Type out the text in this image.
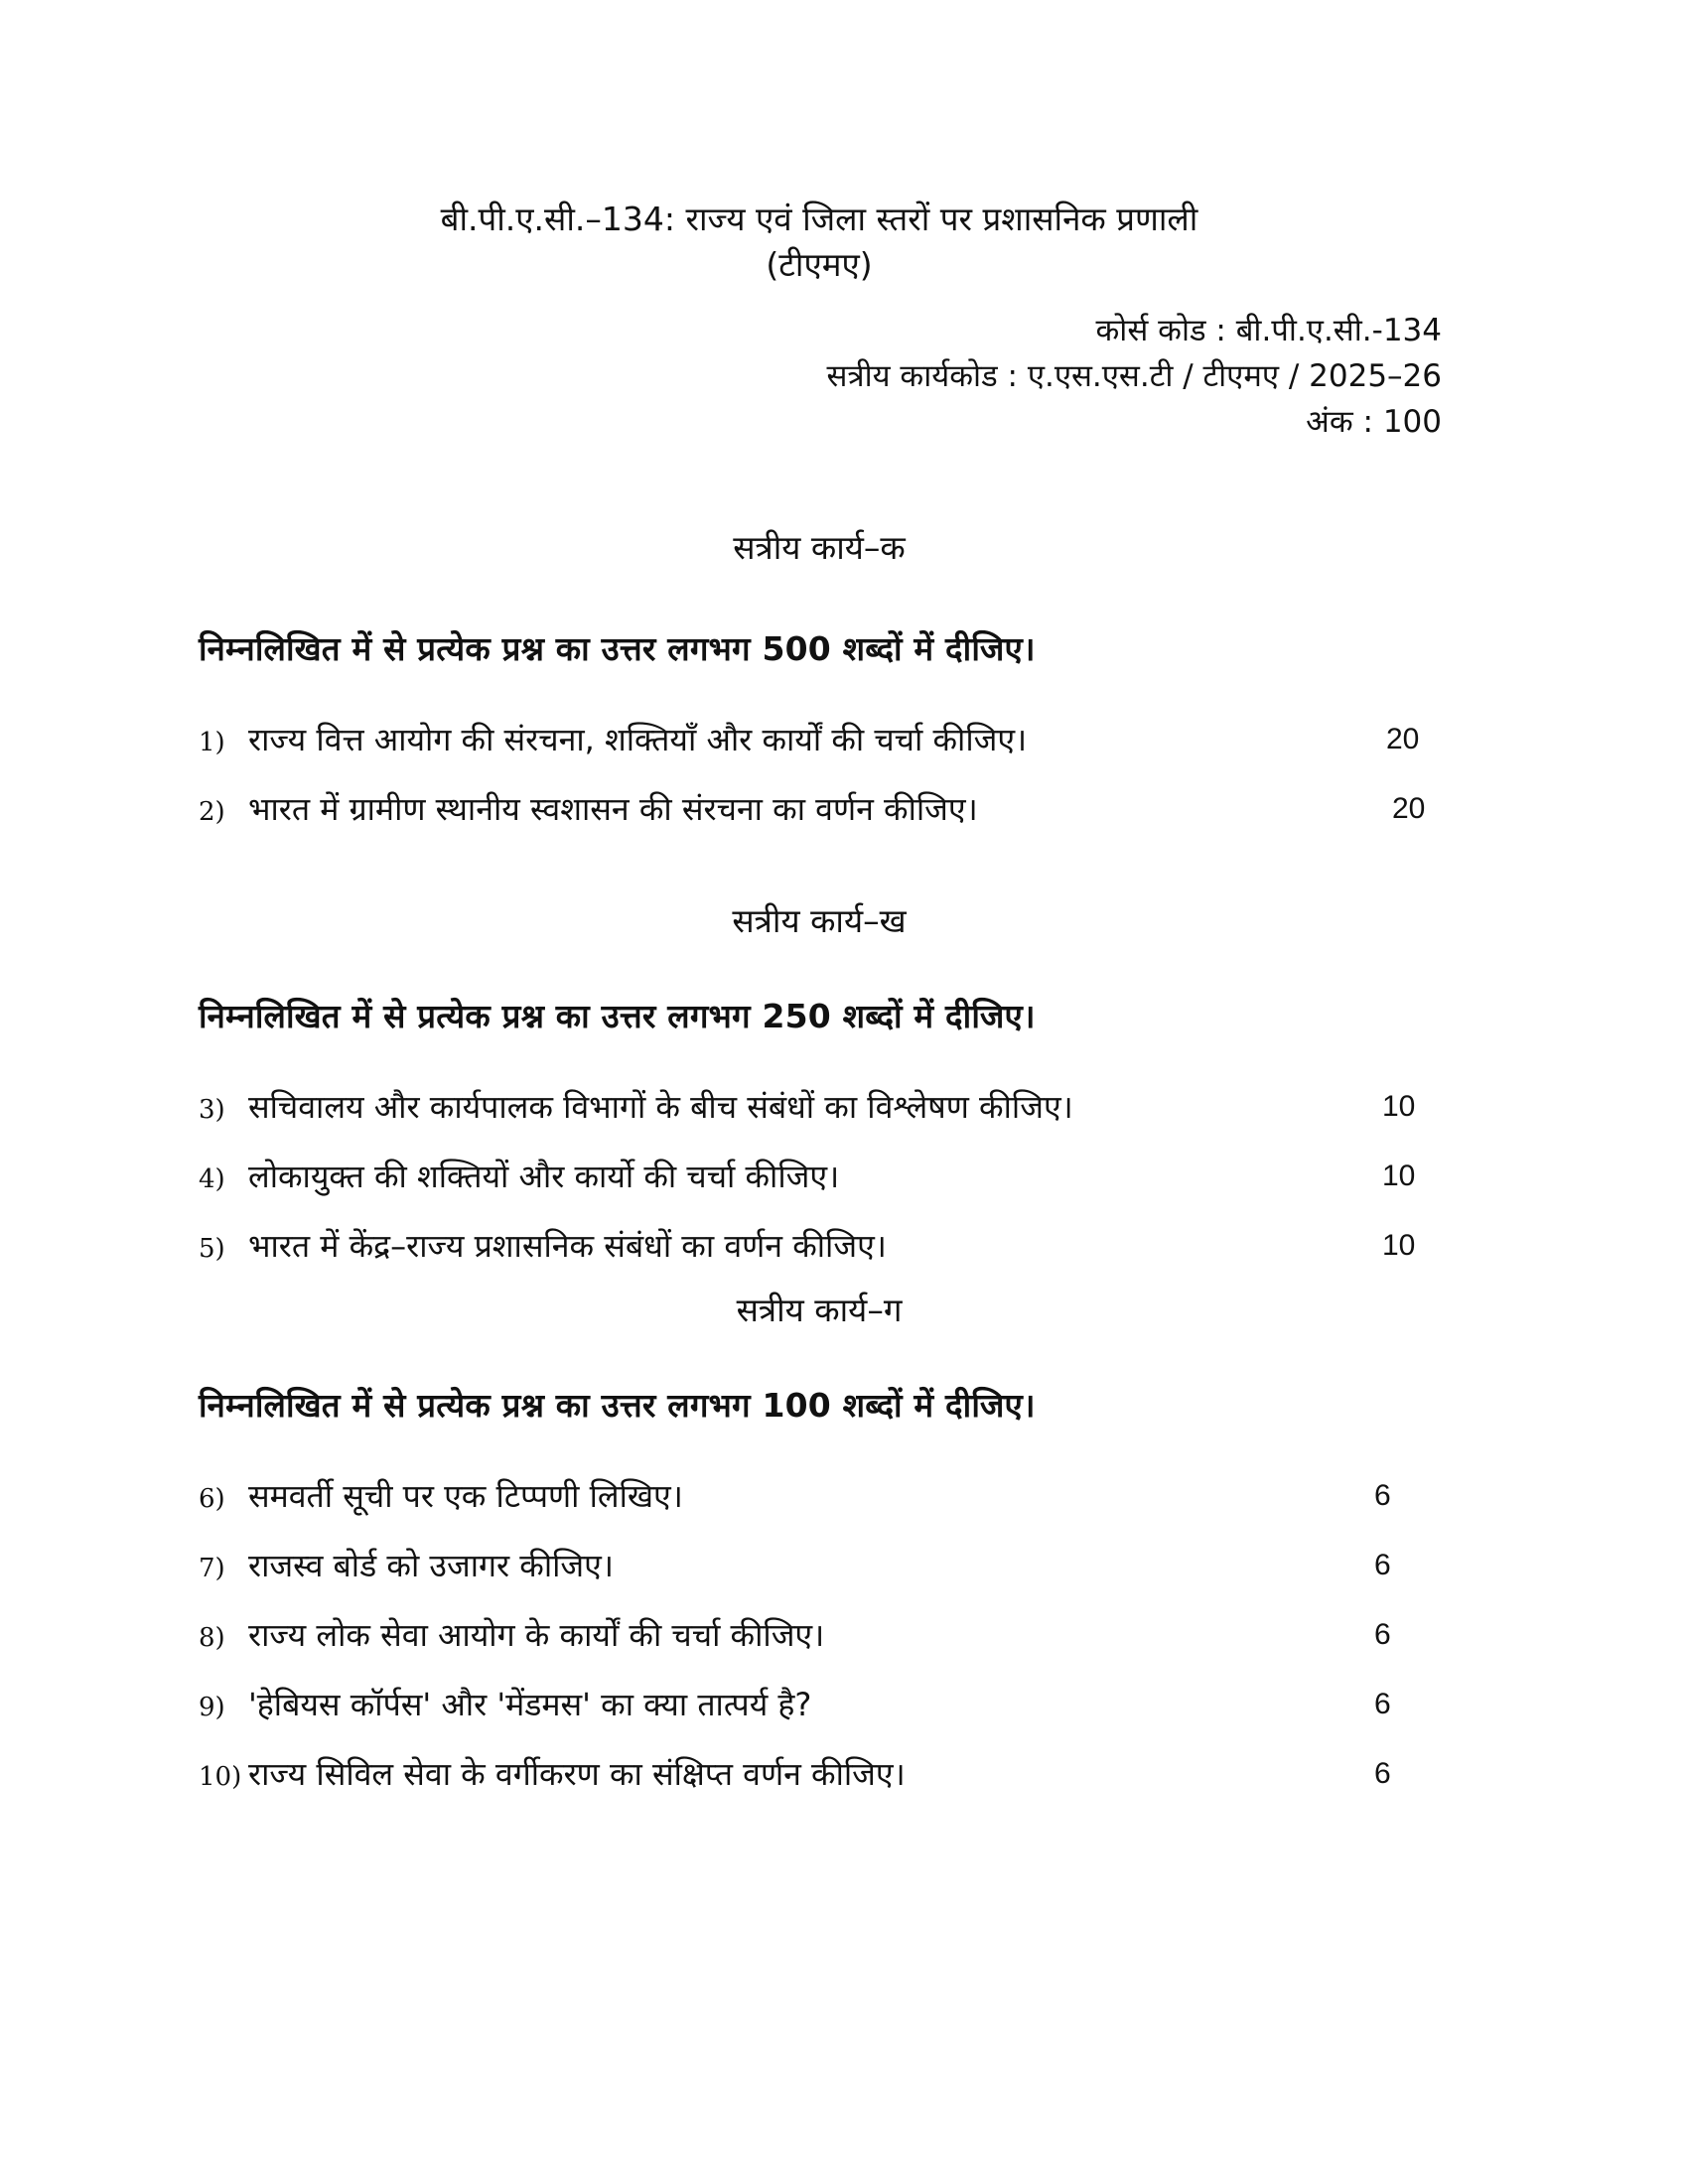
बी.पी.ए.सी.–134: राज्य एवं जिला स्तरों पर प्रशासनिक प्रणाली
(टीएमए)
कोर्स कोड : बी.पी.ए.सी.-134
सत्रीय कार्यकोड : ए.एस.एस.टी / टीएमए / 2025–26
अंक : 100
सत्रीय कार्य–क
निम्नलिखित में से प्रत्येक प्रश्न का उत्तर लगभग 500 शब्दों में दीजिए।
1) राज्य वित्त आयोग की संरचना, शक्तियाँ और कार्यों की चर्चा कीजिए।	20
2) भारत में ग्रामीण स्थानीय स्वशासन की संरचना का वर्णन कीजिए।	20
सत्रीय कार्य–ख
निम्नलिखित में से प्रत्येक प्रश्न का उत्तर लगभग 250 शब्दों में दीजिए।
3) सचिवालय और कार्यपालक विभागों के बीच संबंधों का विश्लेषण कीजिए।	10
4) लोकायुक्त की शक्तियों और कार्यो की चर्चा कीजिए।	10
5) भारत में केंद्र–राज्य प्रशासनिक संबंधों का वर्णन कीजिए।	10
सत्रीय कार्य–ग
निम्नलिखित में से प्रत्येक प्रश्न का उत्तर लगभग 100 शब्दों में दीजिए।
6) समवर्ती सूची पर एक टिप्पणी लिखिए।	6
7) राजस्व बोर्ड को उजागर कीजिए।	6
8) राज्य लोक सेवा आयोग के कार्यों की चर्चा कीजिए।	6
9) 'हेबियस कॉर्पस' और 'मेंडमस' का क्या तात्पर्य है?	6
10) राज्य सिविल सेवा के वर्गीकरण का संक्षिप्त वर्णन कीजिए।	6
